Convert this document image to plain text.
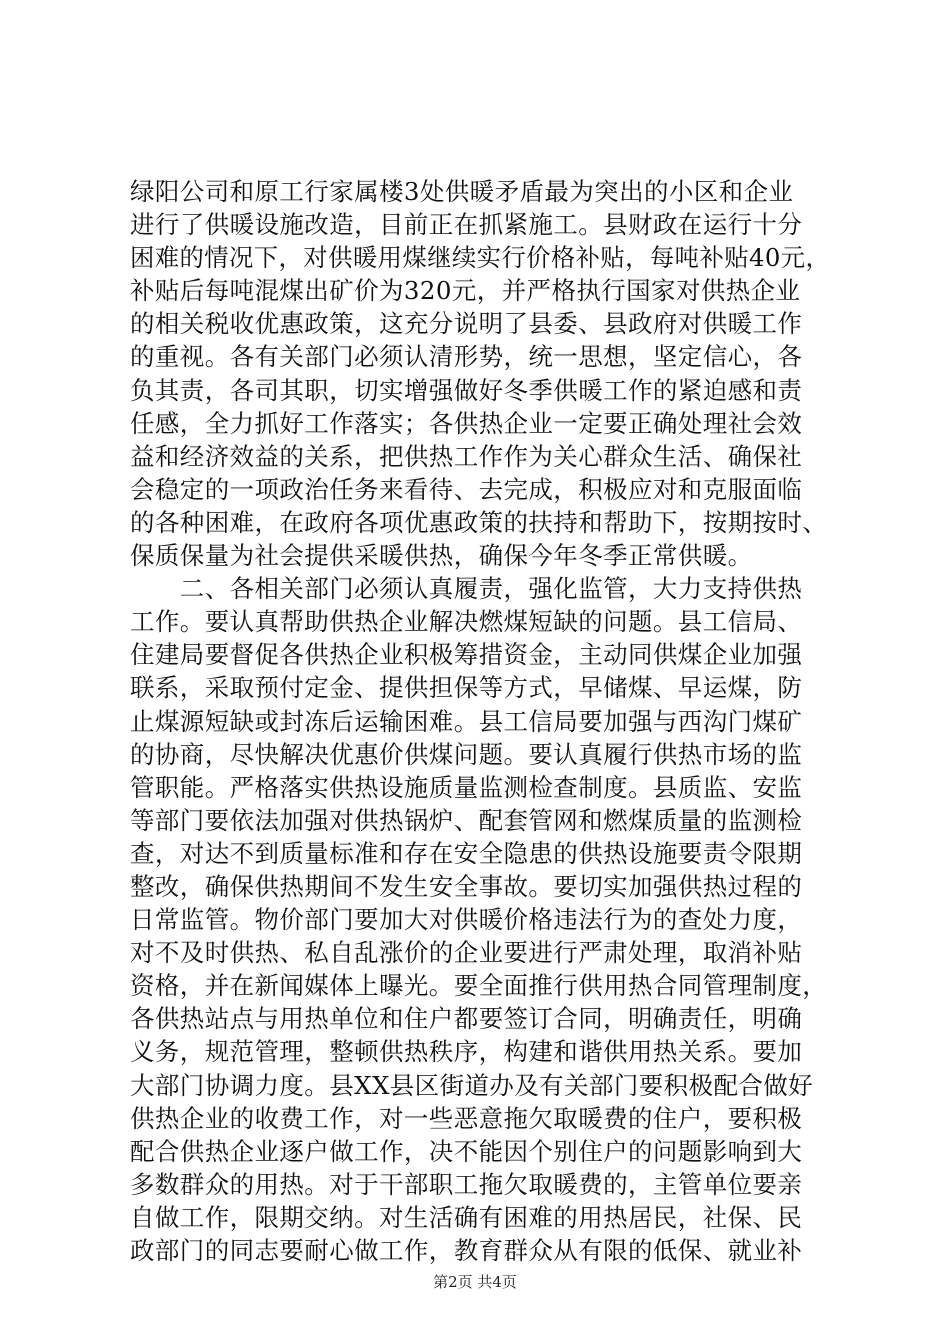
绿阳公司和原工行家属楼3处供暖矛盾最为突出的小区和企业
进行了供暖设施改造，目前正在抓紧施工。县财政在运行十分
困难的情况下，对供暖用煤继续实行价格补贴，每吨补贴40元，
补贴后每吨混煤出矿价为320元，并严格执行国家对供热企业
的相关税收优惠政策，这充分说明了县委、县政府对供暖工作
的重视。各有关部门必须认清形势，统一思想，坚定信心，各
负其责，各司其职，切实增强做好冬季供暖工作的紧迫感和责
任感，全力抓好工作落实；各供热企业一定要正确处理社会效
益和经济效益的关系，把供热工作作为关心群众生活、确保社
会稳定的一项政治任务来看待、去完成，积极应对和克服面临
的各种困难，在政府各项优惠政策的扶持和帮助下，按期按时、
保质保量为社会提供采暖供热，确保今年冬季正常供暖。
　　二、各相关部门必须认真履责，强化监管，大力支持供热
工作。要认真帮助供热企业解决燃煤短缺的问题。县工信局、
住建局要督促各供热企业积极筹措资金，主动同供煤企业加强
联系，采取预付定金、提供担保等方式，早储煤、早运煤，防
止煤源短缺或封冻后运输困难。县工信局要加强与西沟门煤矿
的协商，尽快解决优惠价供煤问题。要认真履行供热市场的监
管职能。严格落实供热设施质量监测检查制度。县质监、安监
等部门要依法加强对供热锅炉、配套管网和燃煤质量的监测检
查，对达不到质量标准和存在安全隐患的供热设施要责令限期
整改，确保供热期间不发生安全事故。要切实加强供热过程的
日常监管。物价部门要加大对供暖价格违法行为的查处力度，
对不及时供热、私自乱涨价的企业要进行严肃处理，取消补贴
资格，并在新闻媒体上曝光。要全面推行供用热合同管理制度，
各供热站点与用热单位和住户都要签订合同，明确责任，明确
义务，规范管理，整顿供热秩序，构建和谐供用热关系。要加
大部门协调力度。县XX县区街道办及有关部门要积极配合做好
供热企业的收费工作，对一些恶意拖欠取暖费的住户，要积极
配合供热企业逐户做工作，决不能因个别住户的问题影响到大
多数群众的用热。对于干部职工拖欠取暖费的，主管单位要亲
自做工作，限期交纳。对生活确有困难的用热居民，社保、民
政部门的同志要耐心做工作，教育群众从有限的低保、就业补
第2页 共4页
